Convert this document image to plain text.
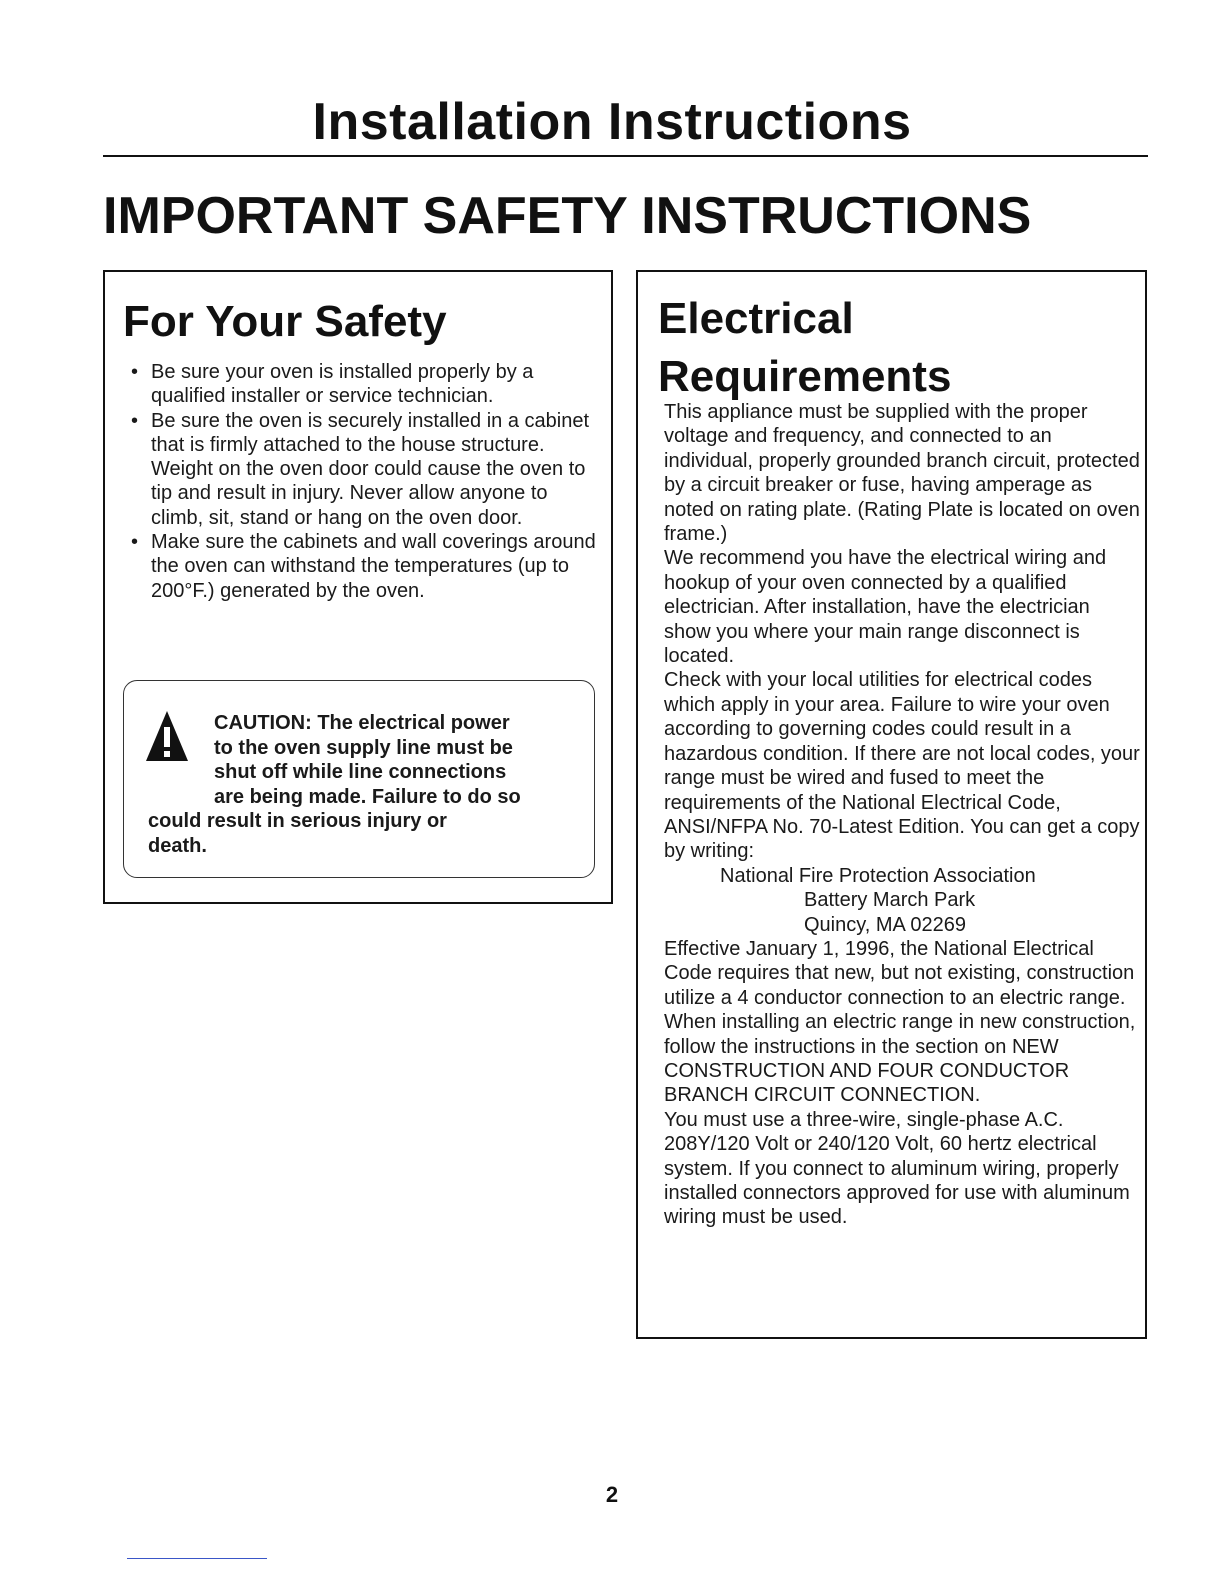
Installation Instructions
IMPORTANT SAFETY INSTRUCTIONS
For Your Safety
• Be sure your oven is installed properly by a qualified installer or service technician.
• Be sure the oven is securely installed in a cabinet that is firmly attached to the house structure. Weight on the oven door could cause the oven to tip and result in injury. Never allow anyone to climb, sit, stand or hang on the oven door.
• Make sure the cabinets and wall coverings around the oven can withstand the temperatures (up to 200°F.) generated by the oven.
CAUTION: The electrical power
to the oven supply line must be
shut off while line connections
are being made. Failure to do so
could result in serious injury or
death.
Electrical Requirements

This appliance must be supplied with the proper voltage and frequency, and connected to an individual, properly grounded branch circuit, protected by a circuit breaker or fuse, having amperage as noted on rating plate. (Rating Plate is located on oven frame.)

We recommend you have the electrical wiring and hookup of your oven connected by a qualified electrician. After installation, have the electrician show you where your main range disconnect is located.

Check with your local utilities for electrical codes which apply in your area. Failure to wire your oven according to governing codes could result in a hazardous condition. If there are not local codes, your range must be wired and fused to meet the requirements of the National Electrical Code, ANSI/NFPA No. 70-Latest Edition. You can get a copy by writing:

National Fire Protection Association
Battery March Park
Quincy, MA 02269

Effective January 1, 1996, the National Electrical Code requires that new, but not existing, construction utilize a 4 conductor connection to an electric range. When installing an electric range in new construction, follow the instructions in the section on NEW CONSTRUCTION AND FOUR CONDUCTOR BRANCH CIRCUIT CONNECTION.

You must use a three-wire, single-phase A.C. 208Y/120 Volt or 240/120 Volt, 60 hertz electrical system. If you connect to aluminum wiring, properly installed connectors approved for use with aluminum wiring must be used.

2
